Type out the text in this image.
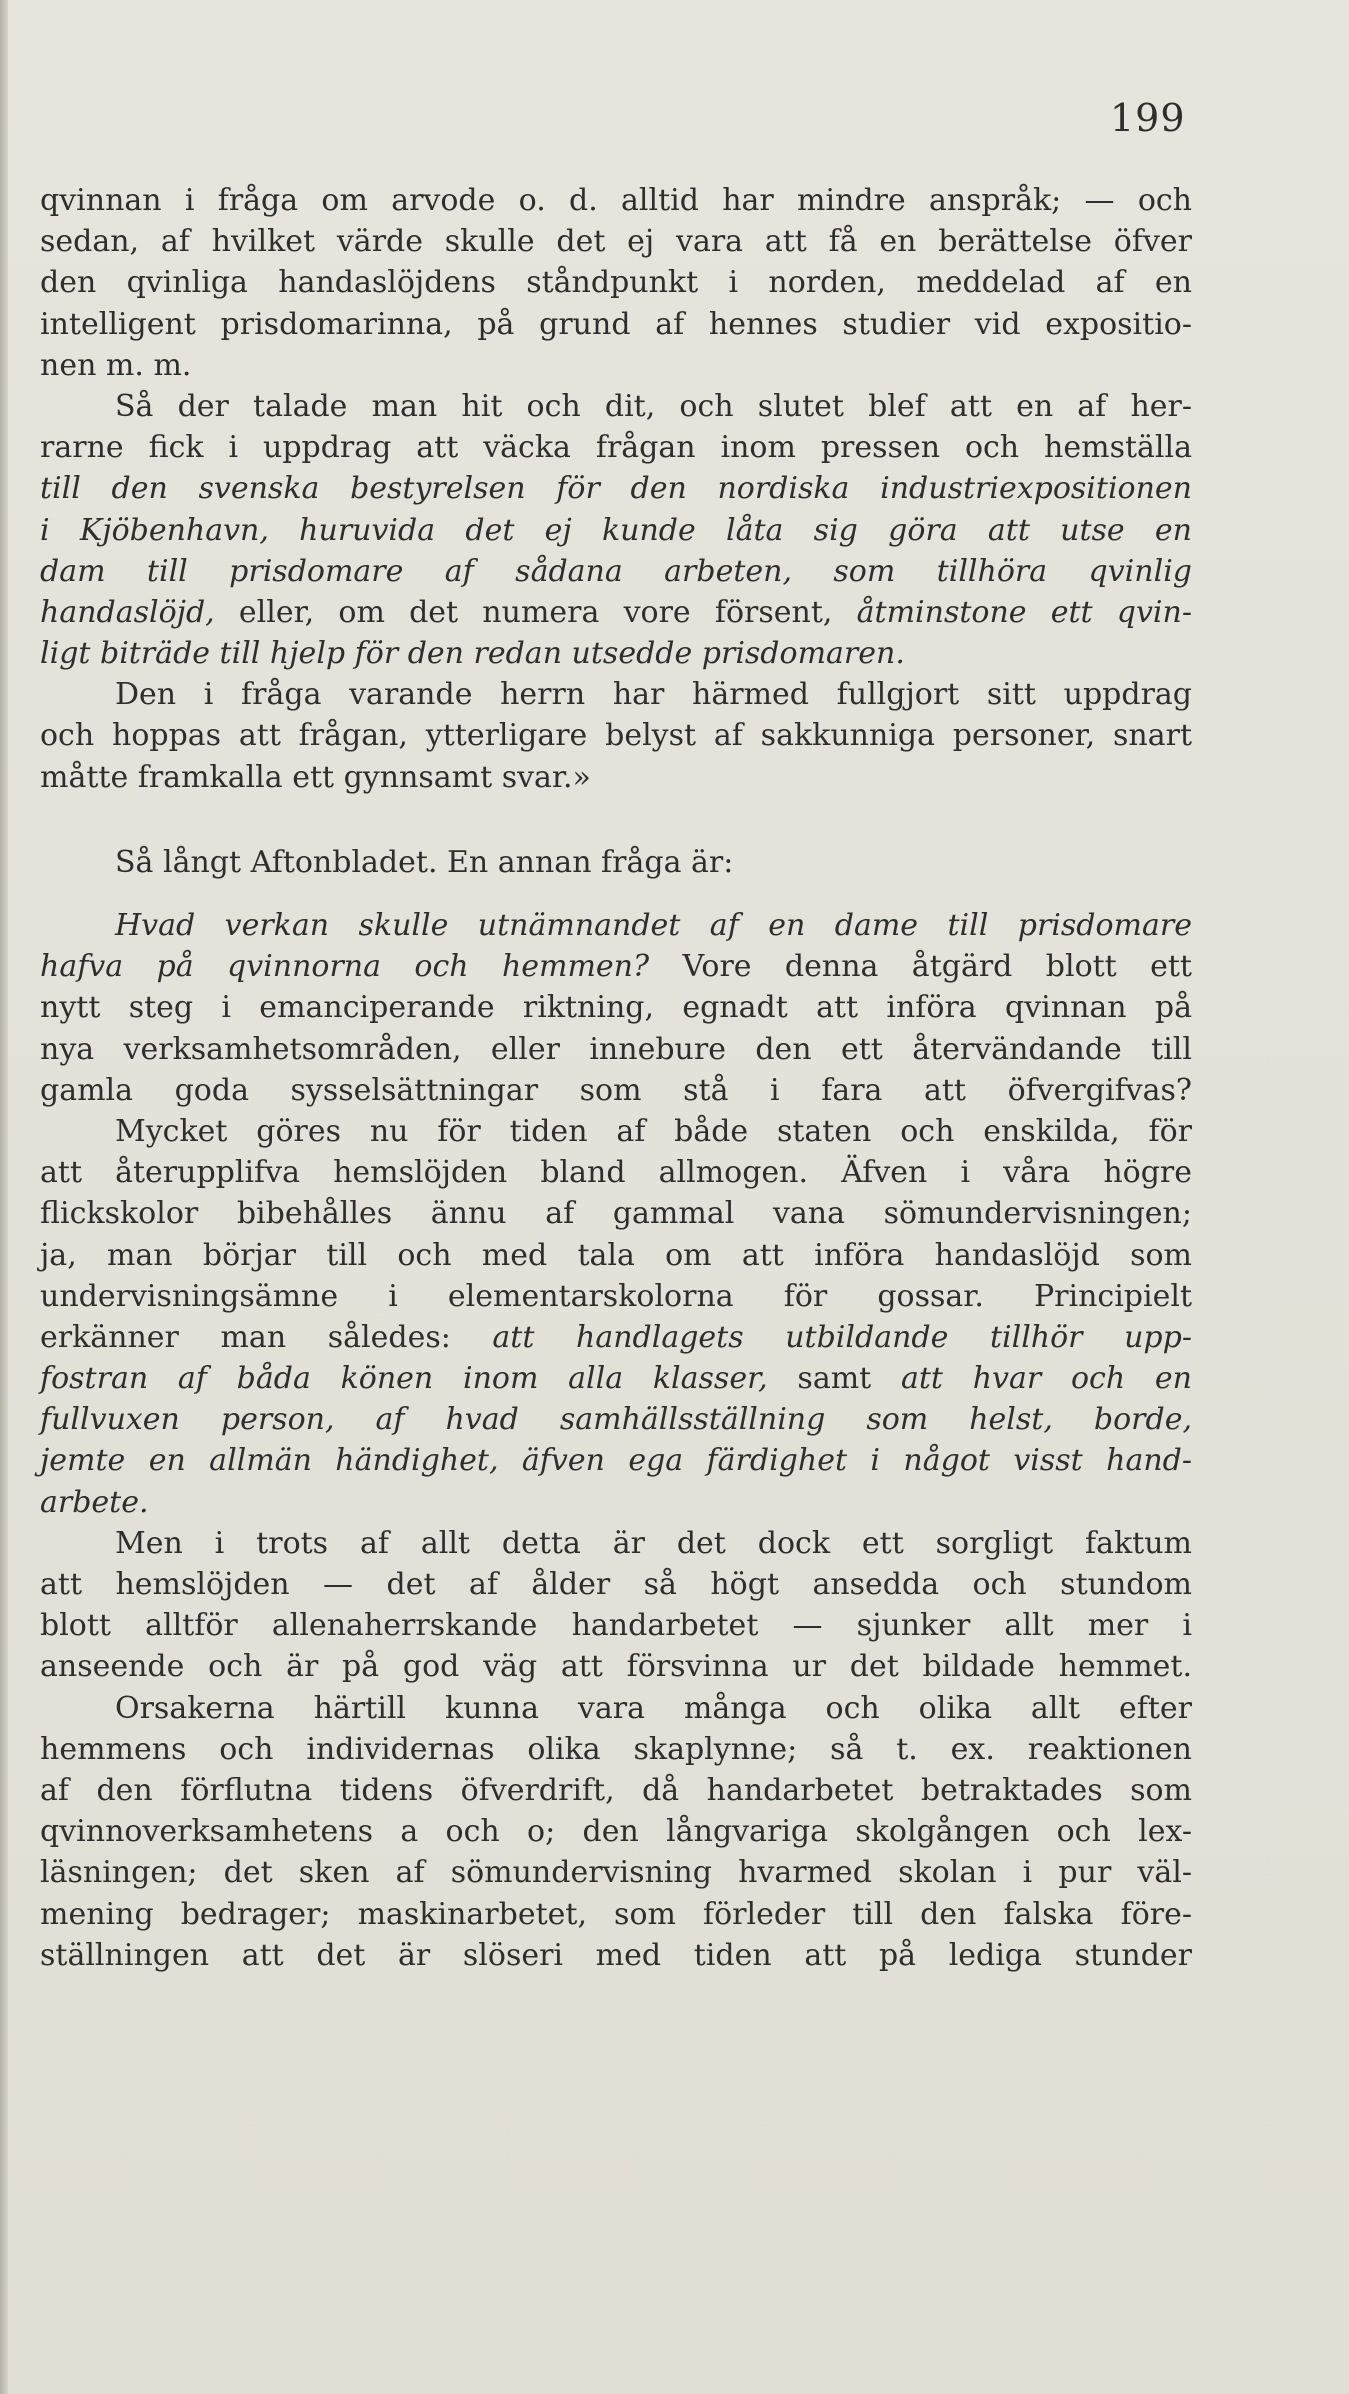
199
qvinnan i fråga om arvode o. d. alltid har mindre anspråk; — och
sedan, af hvilket värde skulle det ej vara att få en berättelse öfver
den qvinliga handaslöjdens ståndpunkt i norden, meddelad af en
intelligent prisdomarinna, på grund af hennes studier vid expositio-
nen m. m.
Så der talade man hit och dit, och slutet blef att en af her-
rarne fick i uppdrag att väcka frågan inom pressen och hemställa
till den svenska bestyrelsen för den nordiska industriexpositionen
i Kjöbenhavn, huruvida det ej kunde låta sig göra att utse en
dam till prisdomare af sådana arbeten, som tillhöra qvinlig
handaslöjd, eller, om det numera vore försent, åtminstone ett qvin-
ligt biträde till hjelp för den redan utsedde prisdomaren.
Den i fråga varande herrn har härmed fullgjort sitt uppdrag
och hoppas att frågan, ytterligare belyst af sakkunniga personer, snart
måtte framkalla ett gynnsamt svar.»
Så långt Aftonbladet. En annan fråga är:
Hvad verkan skulle utnämnandet af en dame till prisdomare
hafva på qvinnorna och hemmen? Vore denna åtgärd blott ett
nytt steg i emanciperande riktning, egnadt att införa qvinnan på
nya verksamhetsområden, eller innebure den ett återvändande till
gamla goda sysselsättningar som stå i fara att öfvergifvas?
Mycket göres nu för tiden af både staten och enskilda, för
att återupplifva hemslöjden bland allmogen. Äfven i våra högre
flickskolor bibehålles ännu af gammal vana sömundervisningen;
ja, man börjar till och med tala om att införa handaslöjd som
undervisningsämne i elementarskolorna för gossar. Principielt
erkänner man således: att handlagets utbildande tillhör upp-
fostran af båda könen inom alla klasser, samt att hvar och en
fullvuxen person, af hvad samhällsställning som helst, borde,
jemte en allmän händighet, äfven ega färdighet i något visst hand-
arbete.
Men i trots af allt detta är det dock ett sorgligt faktum
att hemslöjden — det af ålder så högt ansedda och stundom
blott alltför allenaherrskande handarbetet — sjunker allt mer i
anseende och är på god väg att försvinna ur det bildade hemmet.
Orsakerna härtill kunna vara många och olika allt efter
hemmens och individernas olika skaplynne; så t. ex. reaktionen
af den förflutna tidens öfverdrift, då handarbetet betraktades som
qvinnoverksamhetens a och o; den långvariga skolgången och lex-
läsningen; det sken af sömundervisning hvarmed skolan i pur väl-
mening bedrager; maskinarbetet, som förleder till den falska före-
ställningen att det är slöseri med tiden att på lediga stunder
